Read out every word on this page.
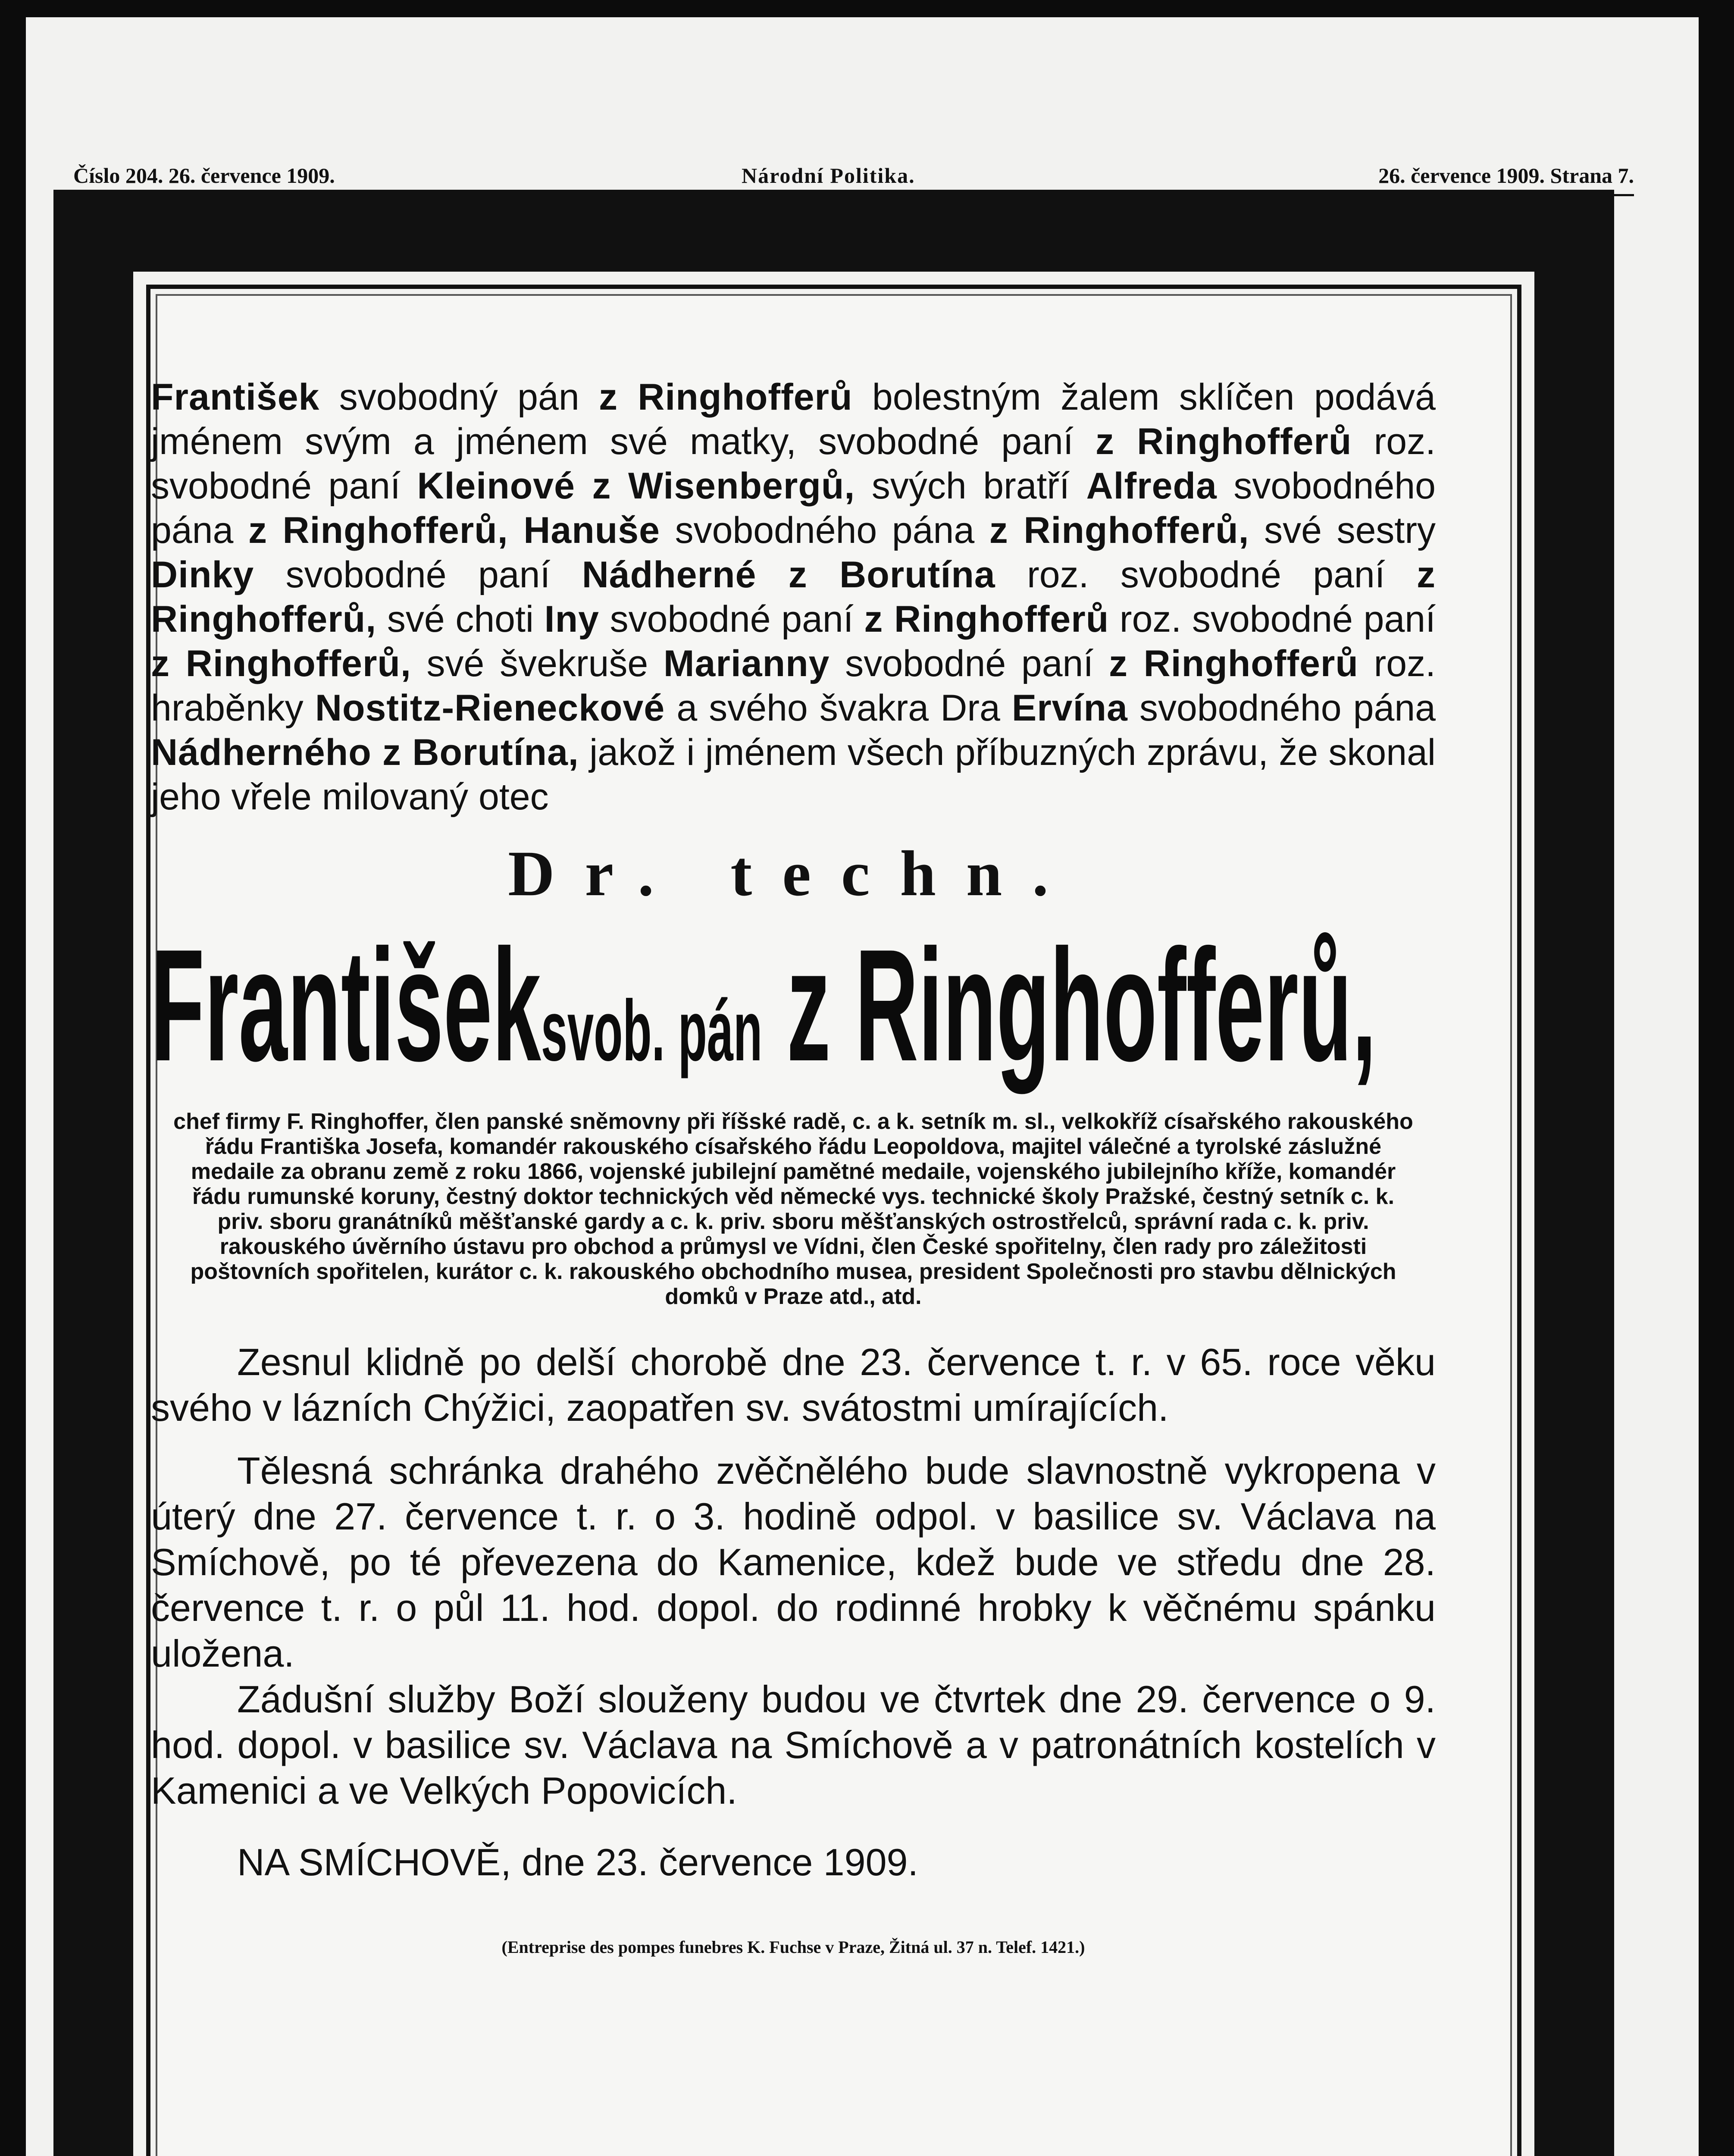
Číslo 204. 26. července 1909.	Národní Politika.	26. července 1909. Strana 7.

František svobodný pán z Ringhofferů bolestným žalem sklíčen podává jménem svým a jménem své matky, svobodné paní z Ringhofferů roz. svobodné paní Kleinové z Wisenbergů, svých bratří Alfreda svobodného pána z Ringhofferů, Hanuše svobodného pána z Ringhofferů, své sestry Dinky svobodné paní Nádherné z Borutína roz. svobodné paní z Ringhofferů, své choti Iny svobodné paní z Ringhofferů roz. svobodné paní z Ringhofferů, své švekruše Marianny svobodné paní z Ringhofferů roz. hraběnky Nostitz-Rieneckové a svého švakra Dra Ervína svobodného pána Nádherného z Borutína, jakož i jménem všech příbuzných zprávu, že skonal jeho vřele milovaný otec

Dr. techn.
Františeksvob. pán z Ringhofferů,
chef firmy F. Ringhoffer, člen panské sněmovny při říšské radě, c. a k. setník m. sl., velkokříž císařského rakouského řádu Františka Josefa, komandér rakouského císařského řádu Leopoldova, majitel válečné a tyrolské záslužné medaile za obranu země z roku 1866, vojenské jubilejní pamětné medaile, vojenského jubilejního kříže, komandér řádu rumunské koruny, čestný doktor technických věd německé vys. technické školy Pražské, čestný setník c. k. priv. sboru granátníků měšťanské gardy a c. k. priv. sboru měšťanských ostrostřelců, správní rada c. k. priv. rakouského úvěrního ústavu pro obchod a průmysl ve Vídni, člen České spořitelny, člen rady pro záležitosti poštovních spořitelen, kurátor c. k. rakouského obchodního musea, president Společnosti pro stavbu dělnických domků v Praze atd., atd.

Zesnul klidně po delší chorobě dne 23. července t. r. v 65. roce věku svého v lázních Chýžici, zaopatřen sv. svátostmi umírajících.

Tělesná schránka drahého zvěčnělého bude slavnostně vykropena v úterý dne 27. července t. r. o 3. hodině odpol. v basilice sv. Václava na Smíchově, po té převezena do Kamenice, kdež bude ve středu dne 28. července t. r. o půl 11. hod. dopol. do rodinné hrobky k věčnému spánku uložena.

Zádušní služby Boží slouženy budou ve čtvrtek dne 29. července o 9. hod. dopol. v basilice sv. Václava na Smíchově a v patronátních kostelích v Kamenici a ve Velkých Popovicích.

NA SMÍCHOVĚ, dne 23. července 1909.
(Entreprise des pompes funebres K. Fuchse v Praze, Žitná ul. 37 n. Telef. 1421.)
